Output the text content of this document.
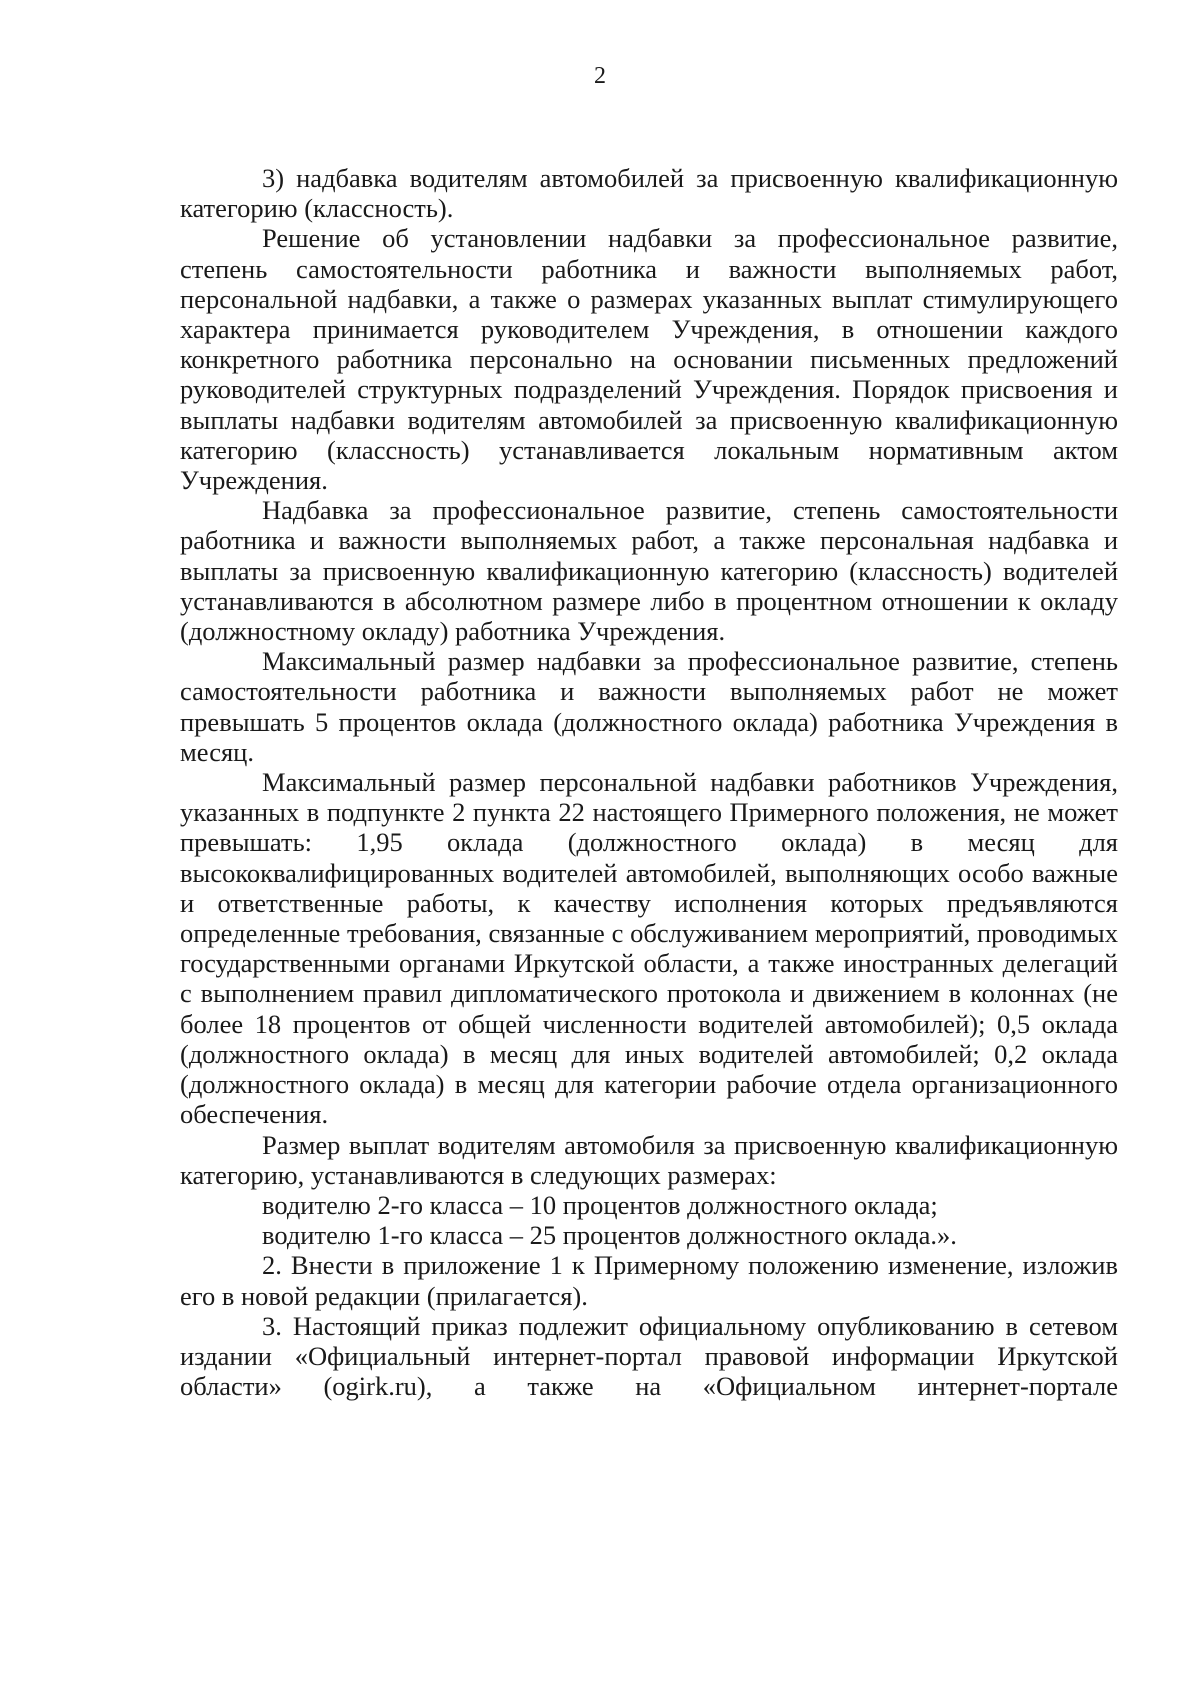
2

3) надбавка водителям автомобилей за присвоенную квалификационную категорию (классность).

Решение об установлении надбавки за профессиональное развитие, степень самостоятельности работника и важности выполняемых работ, персональной надбавки, а также о размерах указанных выплат стимулирующего характера принимается руководителем Учреждения, в отношении каждого конкретного работника персонально на основании письменных предложений руководителей структурных подразделений Учреждения. Порядок присвоения и выплаты надбавки водителям автомобилей за присвоенную квалификационную категорию (классность) устанавливается локальным нормативным актом Учреждения.

Надбавка за профессиональное развитие, степень самостоятельности работника и важности выполняемых работ, а также персональная надбавка и выплаты за присвоенную квалификационную категорию (классность) водителей устанавливаются в абсолютном размере либо в процентном отношении к окладу (должностному окладу) работника Учреждения.

Максимальный размер надбавки за профессиональное развитие, степень самостоятельности работника и важности выполняемых работ не может превышать 5 процентов оклада (должностного оклада) работника Учреждения в месяц.

Максимальный размер персональной надбавки работников Учреждения, указанных в подпункте 2 пункта 22 настоящего Примерного положения, не может превышать: 1,95 оклада (должностного оклада) в месяц для высококвалифицированных водителей автомобилей, выполняющих особо важные и ответственные работы, к качеству исполнения которых предъявляются определенные требования, связанные с обслуживанием мероприятий, проводимых государственными органами Иркутской области, а также иностранных делегаций с выполнением правил дипломатического протокола и движением в колоннах (не более 18 процентов от общей численности водителей автомобилей); 0,5 оклада (должностного оклада) в месяц для иных водителей автомобилей; 0,2 оклада (должностного оклада) в месяц для категории рабочие отдела организационного обеспечения.

Размер выплат водителям автомобиля за присвоенную квалификационную категорию, устанавливаются в следующих размерах:

водителю 2-го класса – 10 процентов должностного оклада;

водителю 1-го класса – 25 процентов должностного оклада.».

2. Внести в приложение 1 к Примерному положению изменение, изложив его в новой редакции (прилагается).

3. Настоящий приказ подлежит официальному опубликованию в сетевом издании «Официальный интернет-портал правовой информации Иркутской области» (ogirk.ru), а также на «Официальном интернет-портале
